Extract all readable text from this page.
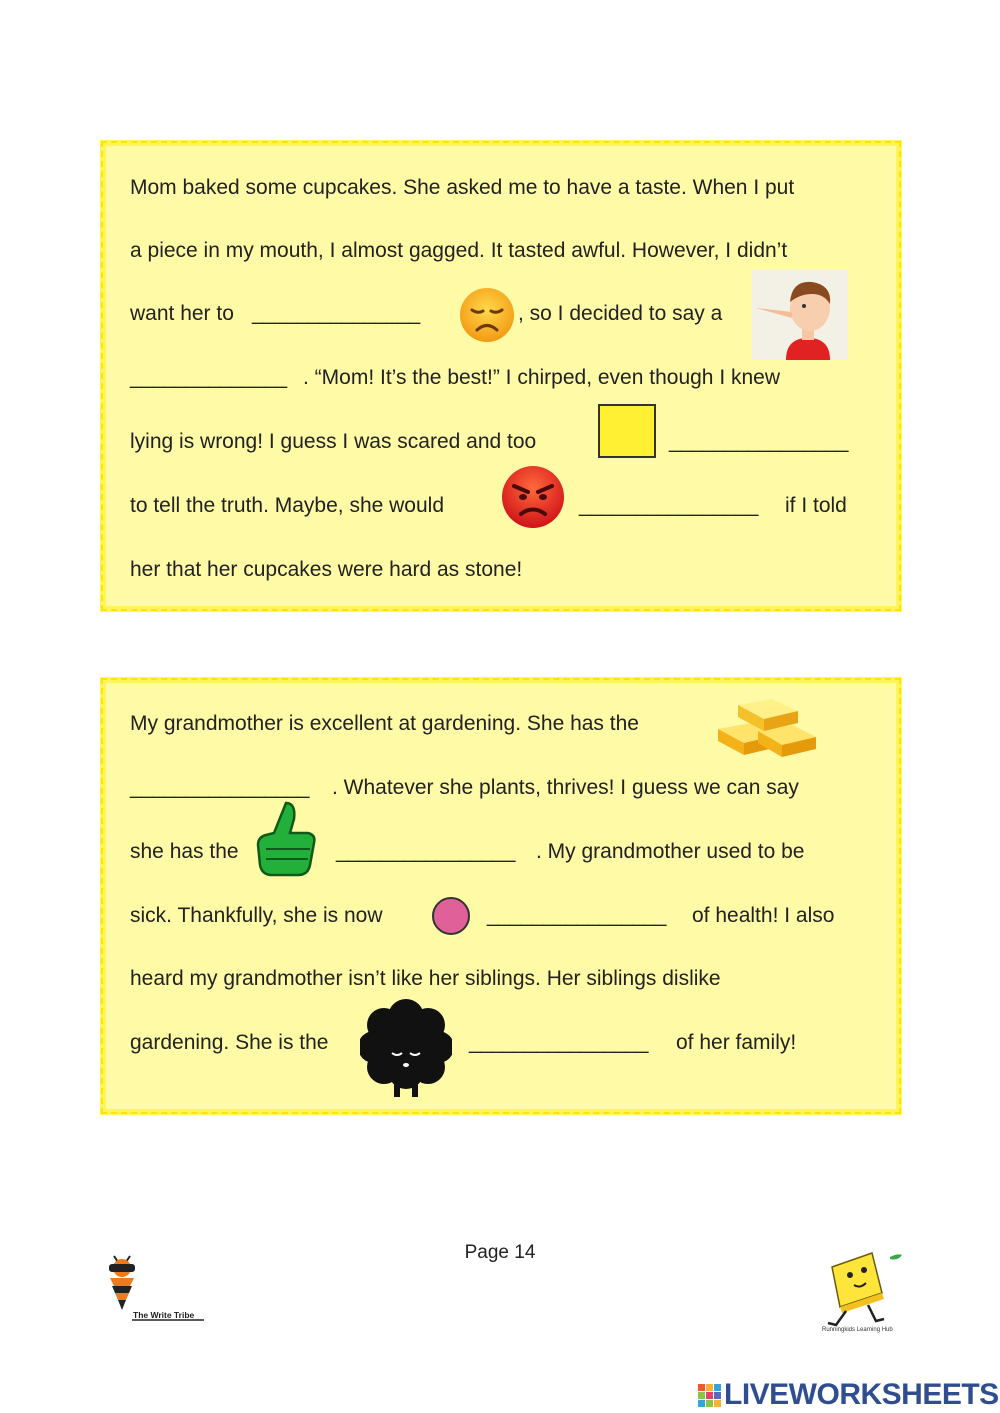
Mom baked some cupcakes. She asked me to have a taste. When I put
a piece in my mouth, I almost gagged. It tasted awful. However, I didn’t
want her to _______________	, so I decided to say a
______________ . “Mom! It’s the best!” I chirped, even though I knew
lying is wrong! I guess I was scared and too	________________
to tell the truth. Maybe, she would	________________ if I told
her that her cupcakes were hard as stone!
My grandmother is excellent at gardening. She has the
________________ . Whatever she plants, thrives! I guess we can say
she has the	________________ . My grandmother used to be
sick. Thankfully, she is now	________________ of health! I also
heard my grandmother isn’t like her siblings. Her siblings dislike
gardening. She is the	________________ of her family!
Page 14
The Write Tribe
Runningkids Learning Hub
LIVEWORKSHEETS
